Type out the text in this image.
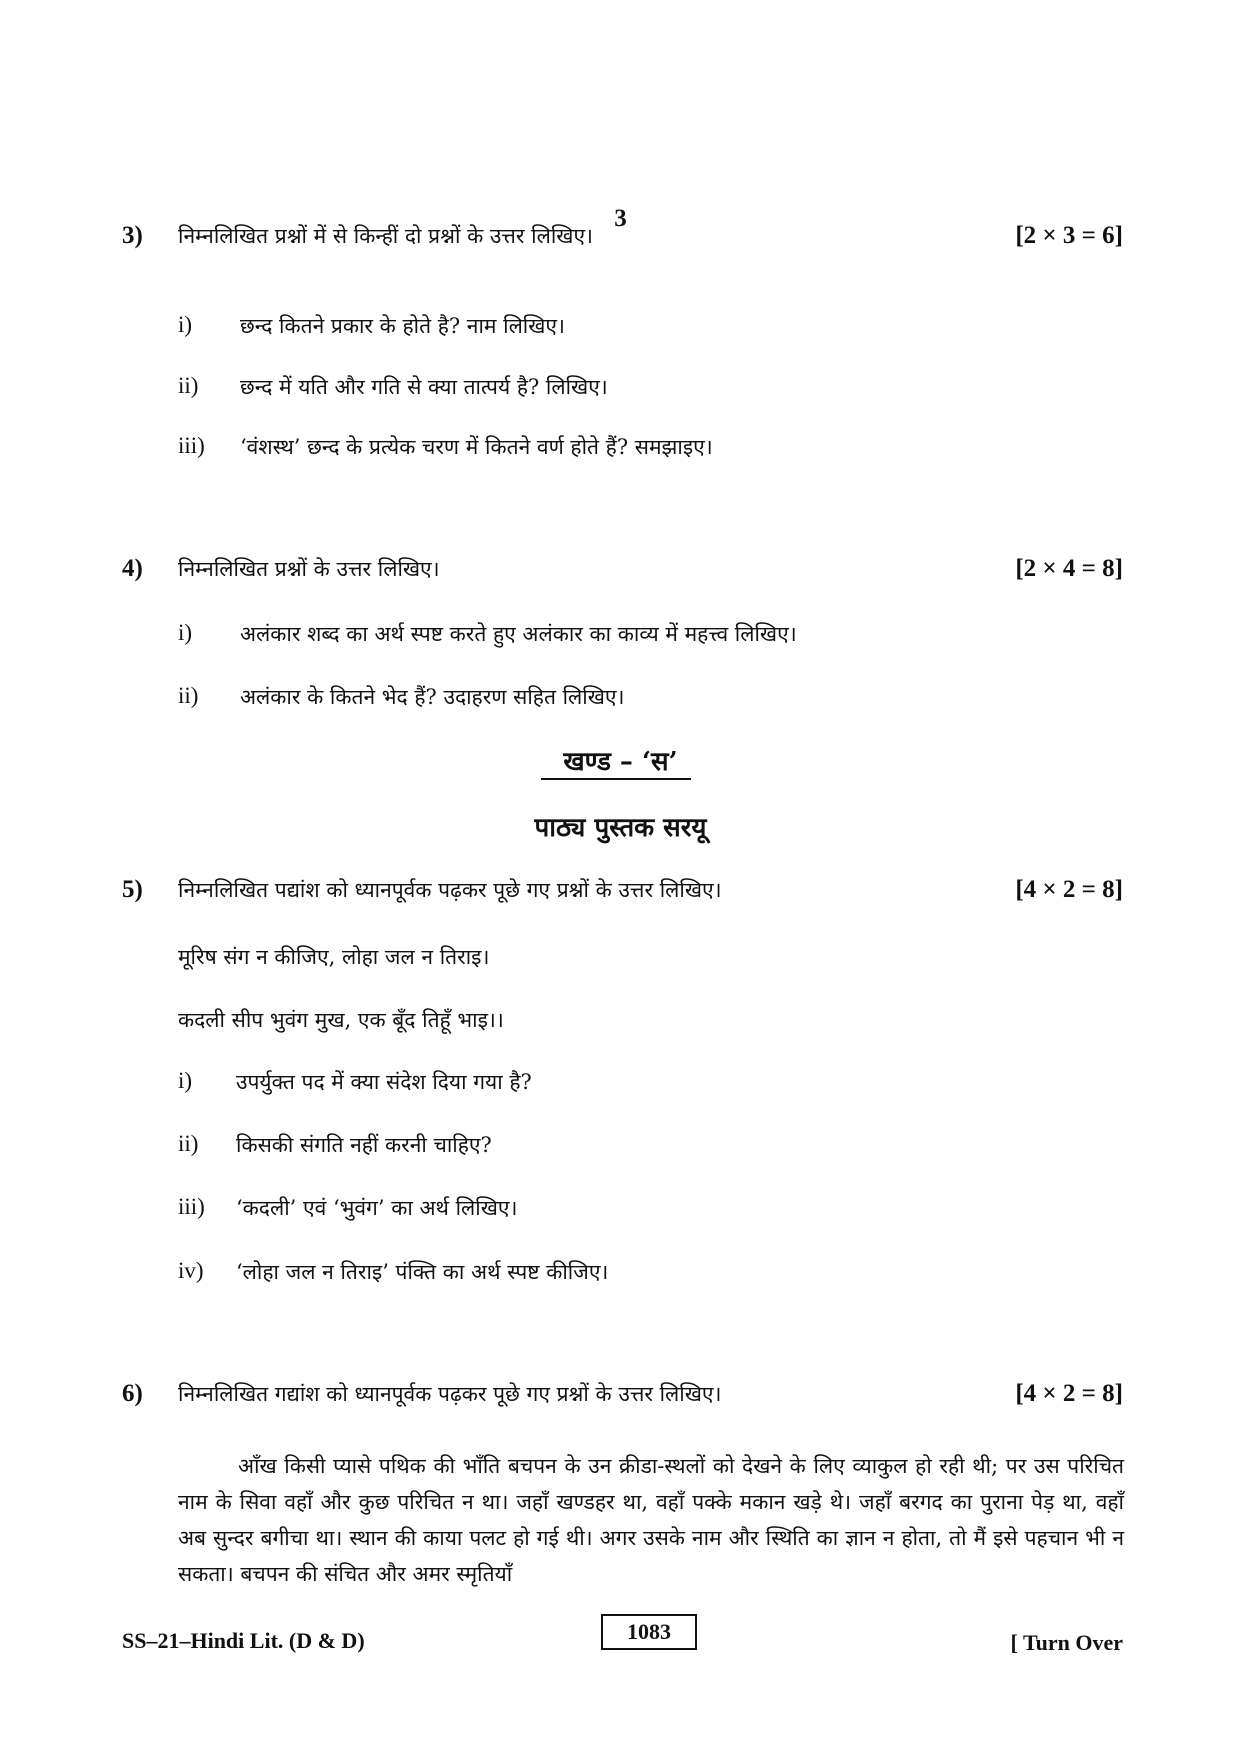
3
3) निम्नलिखित प्रश्नों में से किन्हीं दो प्रश्नों के उत्तर लिखिए।	[2 × 3 = 6]
i) छन्द कितने प्रकार के होते है? नाम लिखिए।
ii) छन्द में यति और गति से क्या तात्पर्य है? लिखिए।
iii) ‘वंशस्थ’ छन्द के प्रत्येक चरण में कितने वर्ण होते हैं? समझाइए।
4) निम्नलिखित प्रश्नों के उत्तर लिखिए।	[2 × 4 = 8]
i) अलंकार शब्द का अर्थ स्पष्ट करते हुए अलंकार का काव्य में महत्त्व लिखिए।
ii) अलंकार के कितने भेद हैं? उदाहरण सहित लिखिए।
खण्ड – ‘स’
पाठ्य पुस्तक सरयू
5) निम्नलिखित पद्यांश को ध्यानपूर्वक पढ़कर पूछे गए प्रश्नों के उत्तर लिखिए।	[4 × 2 = 8]
मूरिष संग न कीजिए, लोहा जल न तिराइ।
कदली सीप भुवंग मुख, एक बूँद तिहूँ भाइ।।
i) उपर्युक्त पद में क्या संदेश दिया गया है?
ii) किसकी संगति नहीं करनी चाहिए?
iii) ‘कदली’ एवं ‘भुवंग’ का अर्थ लिखिए।
iv) ‘लोहा जल न तिराइ’ पंक्ति का अर्थ स्पष्ट कीजिए।
6) निम्नलिखित गद्यांश को ध्यानपूर्वक पढ़कर पूछे गए प्रश्नों के उत्तर लिखिए।	[4 × 2 = 8]

आँख किसी प्यासे पथिक की भाँति बचपन के उन क्रीडा-स्थलों को देखने के लिए व्याकुल हो रही थी; पर उस परिचित नाम के सिवा वहाँ और कुछ परिचित न था। जहाँ खण्डहर था, वहाँ पक्के मकान खड़े थे। जहाँ बरगद का पुराना पेड़ था, वहाँ अब सुन्दर बगीचा था। स्थान की काया पलट हो गई थी। अगर उसके नाम और स्थिति का ज्ञान न होता, तो मैं इसे पहचान भी न सकता। बचपन की संचित और अमर स्मृतियाँ

SS–21–Hindi Lit. (D & D)	1083	[ Turn Over
